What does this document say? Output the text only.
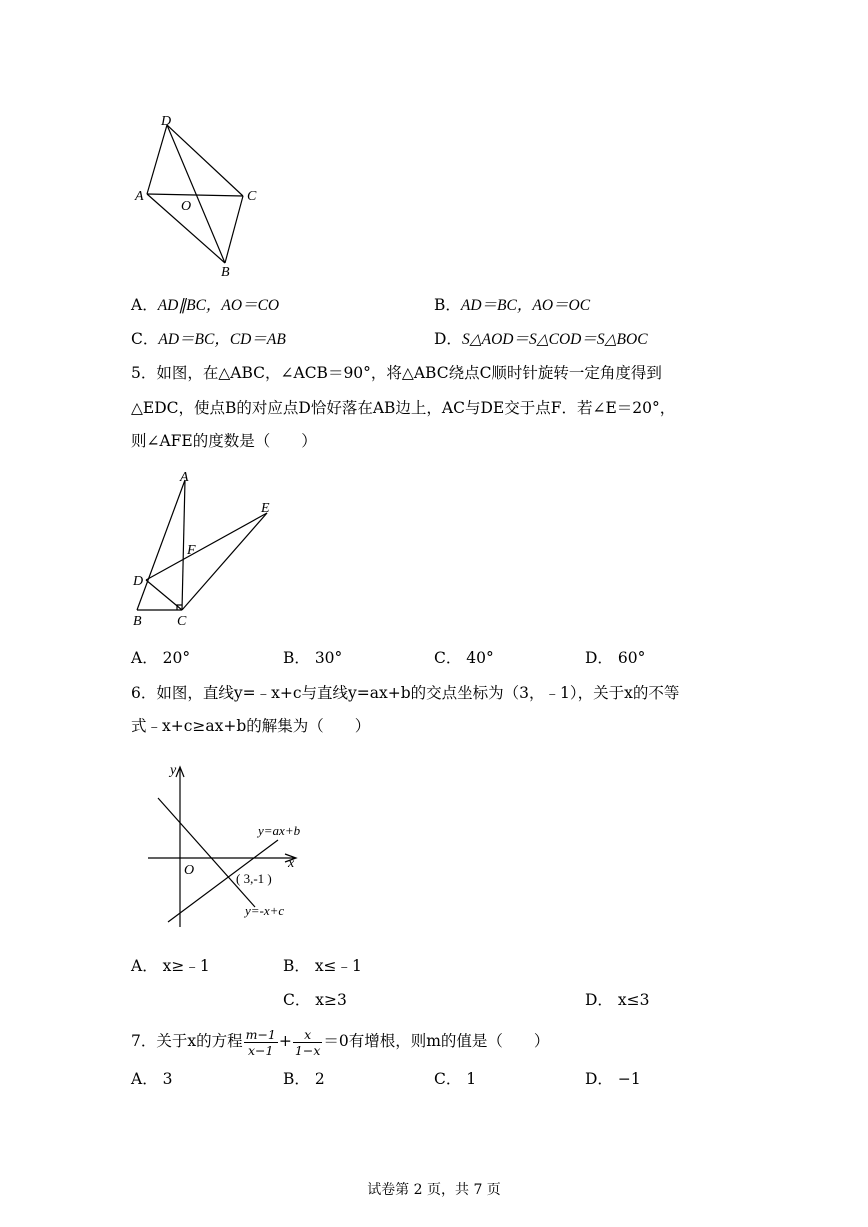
D
A
O
C
B
A．AD∥BC，AO＝CO	B．AD＝BC，AO＝OC
C．AD＝BC，CD＝AB	D．S△AOD＝S△COD＝S△BOC
5．如图，在△ABC，∠ACB＝90°，将△ABC绕点C顺时针旋转一定角度得到
△EDC，使点B的对应点D恰好落在AB边上，AC与DE交于点F．若∠E＝20°，
则∠AFE的度数是（　　）
A
E
F
D
B	C
A． 20°	B． 30°	C． 40°	D． 60°
6．如图，直线y=﹣x+c与直线y=ax+b的交点坐标为（3，﹣1），关于x的不等
式﹣x+c≥ax+b的解集为（　　）
y
x
O
y=ax+b
( 3,-1 )
y=-x+c
A． x≥﹣1	B． x≤﹣1
C． x≥3	D． x≤3
7．关于x的方程 $\frac{m-1}{x-1} + \frac{x}{1-x} =0$有增根，则m的值是（　　）
A． 3	B． 2	C． 1	D． −1
试卷第 2 页，共 7 页
